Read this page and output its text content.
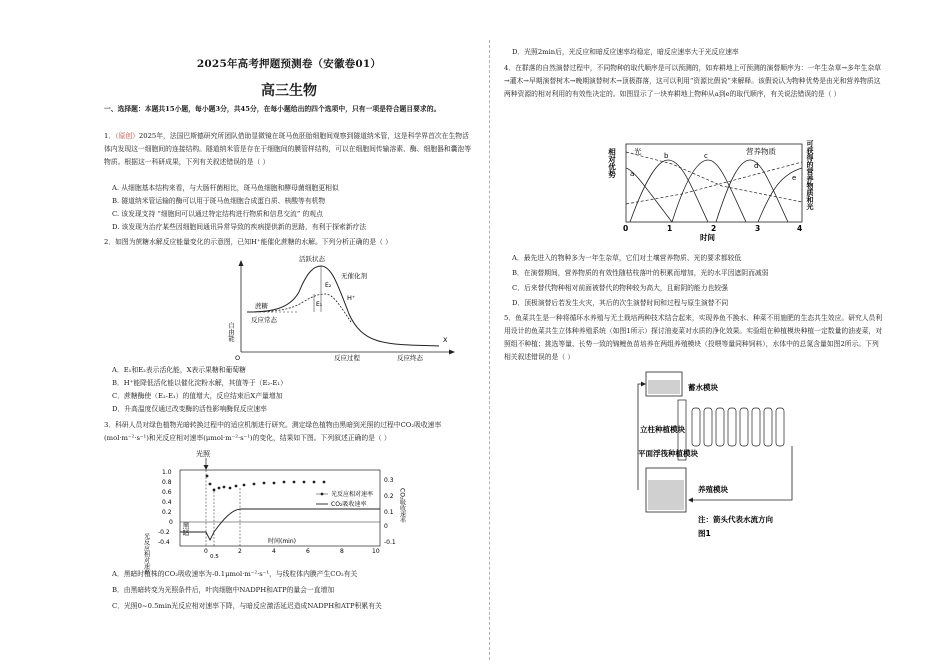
2025年高考押题预测卷（安徽卷01）
高三生物
一、选择题：本题共15小题，每小题3分，共45分，在每小题给出的四个选项中，只有一项是符合题目要求的。
1．（原创）2025年，法国巴斯德研究所团队借助显微镜在斑马鱼胚胎细胞间观察到隧道纳米管，这是科学界首次在生物活体内发现这一细胞间的连接结构。隧道纳米管是存在于细胞间的膜管样结构，可以在细胞间传输溶素、酶、细胞器和囊泡等物质。根据这一科研成果，下列有关叙述错误的是（ ）
A. 从细胞基本结构来看，与大肠杆菌相比，斑马鱼细胞和酵母菌细胞更相似
B. 隧道纳米管运输的酶可以用于斑马鱼细胞合成蛋白质、核酸等有机物
C. 该发现支持 “细胞间可以通过特定结构进行物质和信息交流” 的观点
D. 该发现为治疗某些因细胞间通讯异常导致的疾病提供新的思路，有利于探索新疗法
2．如图为蔗糖水解反应能量变化的示意图，已知H⁺能催化蔗糖的水解。下列分析正确的是（ ）
自由能
O	反应过程
E₂
E₁
活跃状态
无催化剂
H⁺
蔗糖
反应常态
X
反应终态
A．E₁和E₂表示活化能，X表示果糖和葡萄糖
B．H⁺能降低活化能以催化淀粉水解，其值等于（E₂-E₁）
C．蔗糖酶使（E₂-E₁）的值增大，反应结束后X产量增加
D．升高温度仅通过改变酶的活性影响酶促反应速率
3．科研人员对绿色植物光暗转换过程中的适应机制进行研究。测定绿色植物由黑暗到光照的过程中CO₂吸收速率(mol·m⁻²·s⁻¹)和光反应相对速率(μmol·m⁻²·s⁻¹)的变化，结果如下图。下列叙述正确的是（ ）
光照
光反应相对速率
CO₂吸收速率
1.0
0.8
0.6
0.4
0.2
0
-0.2
-0.4
0.3
0.2
0.1
0
-0.1
黑暗
光反应相对速率
CO₂吸收速率
0	2	4	6	8	10
0.5
时间(min)
A．黑暗时植株的CO₂吸收速率为-0.1μmol·m⁻²·s⁻¹，与线粒体内膜产生CO₂有关
B．由黑暗转变为光照条件后，叶肉细胞中NADPH和ATP的量会一直增加
C．光照0~0.5min光反应相对速率下降，与暗反应激活延迟造成NADPH和ATP积累有关
D．光照2min后，光反应和暗反应速率均稳定，暗反应速率大于光反应速率
4．在群落的自然演替过程中，不同物种的取代顺序是可以预测的，如弃耕地上可预测的演替顺序为：一年生杂草→多年生杂草→灌木→早期演替树木→晚期演替树木→顶极群落，这可以利用“资源比假说”来解释。该假说认为物种优势是由光和营养物质这两种资源的相对利用的有效性决定的。如图显示了一块弃耕地上物种从a到e的取代顺序，有关说法错误的是（ ）
相对优势	可获得的营养物质和光
光	营养物质
a
b	c
d
e
0	1	2	3	4
时间
A．最先进入的物种多为一年生杂草，它们对土壤营养物质、光的要求都较低
B．在演替期间，营养物质的有效性随枯枝落叶的积累而增加，光的水平因遮阴而减弱
C．后来替代物种相对前面被替代的物种较为高大，且耐阴的能力也较强
D．顶极演替后若发生火灾，其后的次生演替时间和过程与原生演替不同
5．鱼菜共生是一种将循环水养殖与无土栽培两种技术结合起来，实现养鱼不换水、种菜不用施肥的生态共生效应。研究人员利用设计的鱼菜共生立体种养殖系统（如图1所示）探讨油麦菜对水质的净化效果。实验组在种植模块种植一定数量的油麦菜，对照组不种植；挑选等量、长势一致的锦鲤鱼苗培养在两组养殖模块（投喂等量同种饲料），水体中的总氮含量如图2所示。下列相关叙述错误的是（ ）
蓄水模块
立柱种植模块
平面浮筏种植模块
养殖模块
注：箭头代表水流方向
图1
